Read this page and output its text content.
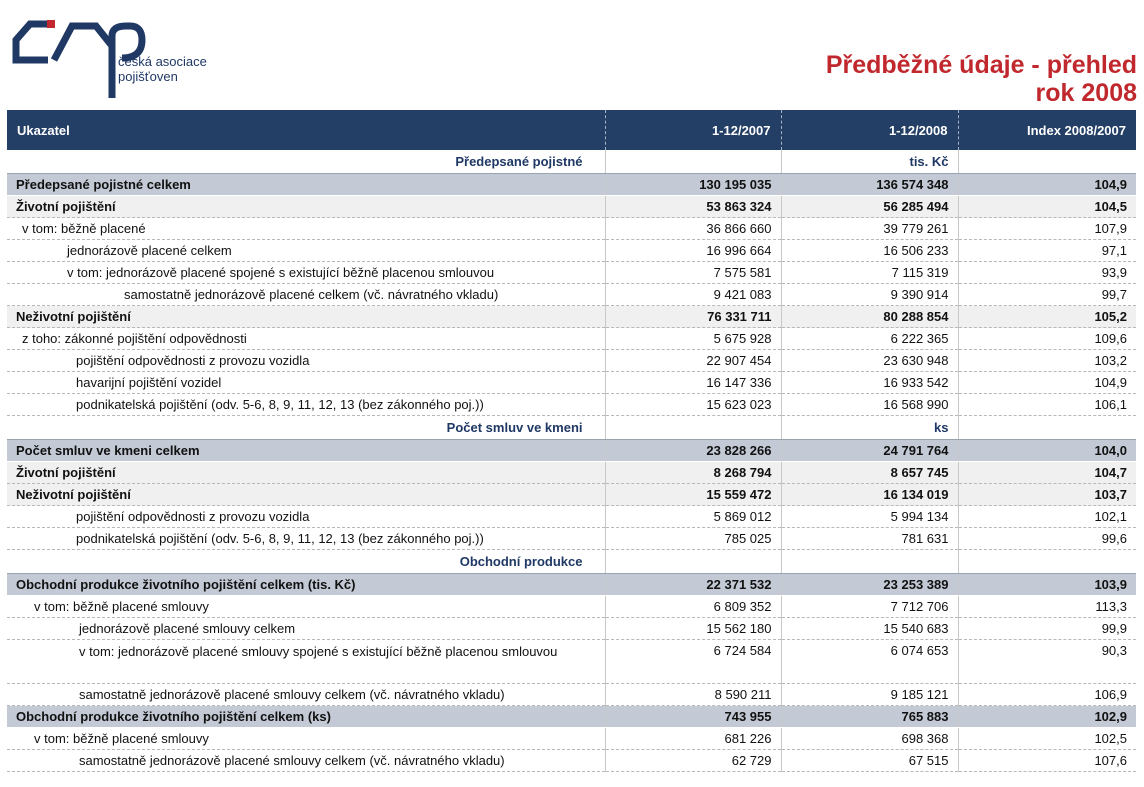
česká asociace
pojišťoven	Předběžné údaje - přehled
rok 2008
Ukazatel	1-12/2007	1-12/2008	Index 2008/2007
Předepsané pojistné		tis. Kč	
Předepsané pojistné celkem	130 195 035	136 574 348	104,9
Životní pojištění	53 863 324	56 285 494	104,5
v tom: běžně placené	36 866 660	39 779 261	107,9
jednorázově placené celkem	16 996 664	16 506 233	97,1
v tom: jednorázově placené spojené s existující běžně placenou smlouvou	7 575 581	7 115 319	93,9
samostatně jednorázově placené celkem (vč. návratného vkladu)	9 421 083	9 390 914	99,7
Neživotní pojištění	76 331 711	80 288 854	105,2
z toho: zákonné pojištění odpovědnosti	5 675 928	6 222 365	109,6
pojištění odpovědnosti z provozu vozidla	22 907 454	23 630 948	103,2
havarijní pojištění vozidel	16 147 336	16 933 542	104,9
podnikatelská pojištění (odv. 5-6, 8, 9, 11, 12, 13 (bez zákonného poj.))	15 623 023	16 568 990	106,1
Počet smluv ve kmeni		ks	
Počet smluv ve kmeni celkem	23 828 266	24 791 764	104,0
Životní pojištění	8 268 794	8 657 745	104,7
Neživotní pojištění	15 559 472	16 134 019	103,7
pojištění odpovědnosti z provozu vozidla	5 869 012	5 994 134	102,1
podnikatelská pojištění (odv. 5-6, 8, 9, 11, 12, 13 (bez zákonného poj.))	785 025	781 631	99,6
Obchodní produkce			
Obchodní produkce životního pojištění celkem (tis. Kč)	22 371 532	23 253 389	103,9
v tom: běžně placené smlouvy	6 809 352	7 712 706	113,3
jednorázově placené smlouvy celkem	15 562 180	15 540 683	99,9
v tom: jednorázově placené smlouvy spojené s existující běžně placenou smlouvou	6 724 584	6 074 653	90,3
samostatně jednorázově placené smlouvy celkem (vč. návratného vkladu)	8 590 211	9 185 121	106,9
Obchodní produkce životního pojištění celkem (ks)	743 955	765 883	102,9
v tom: běžně placené smlouvy	681 226	698 368	102,5
samostatně jednorázově placené smlouvy celkem (vč. návratného vkladu)	62 729	67 515	107,6
